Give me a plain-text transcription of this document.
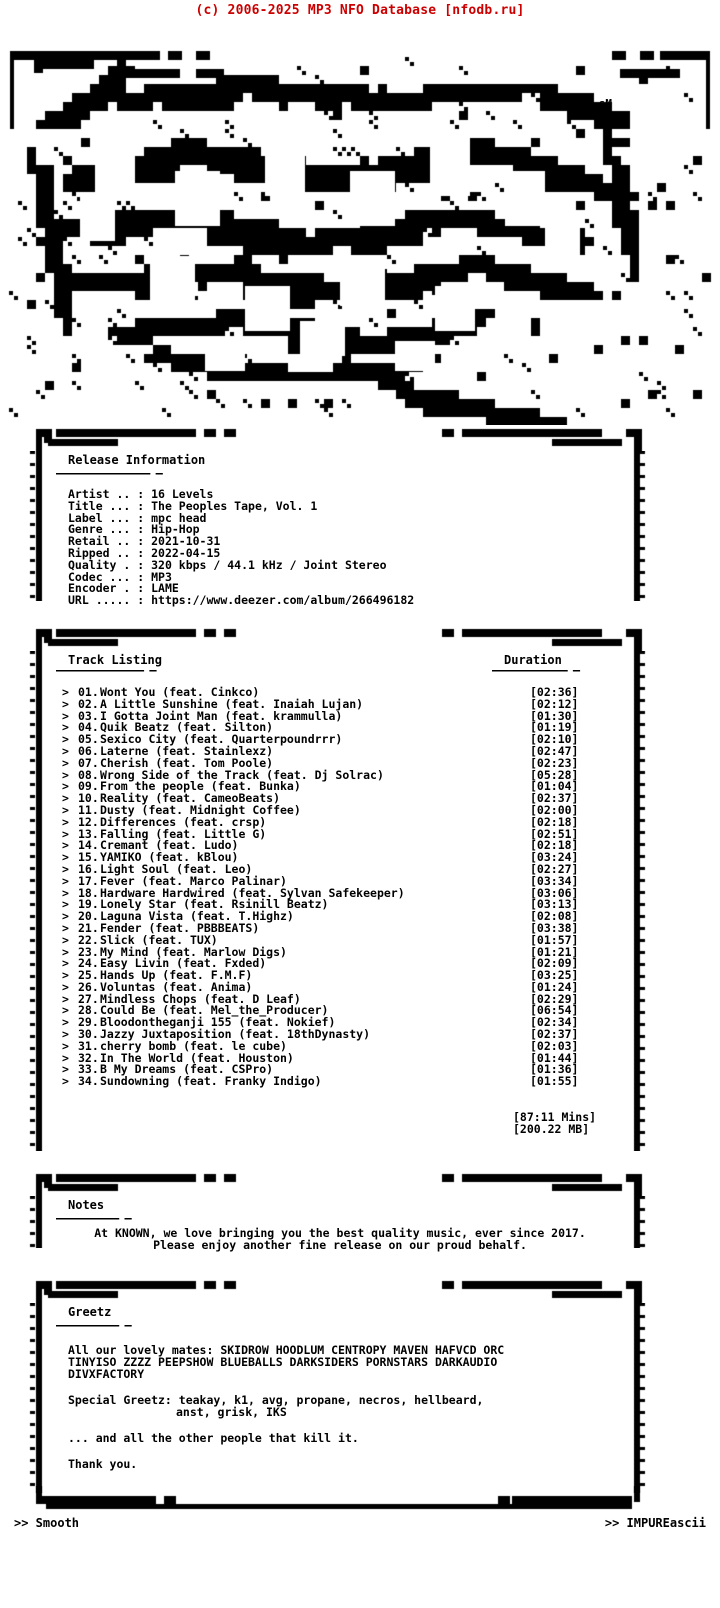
(c) 2006-2025 MP3 NFO Database [nfodb.ru]
sM
Release Information
——————————————— —
Artist .. : 16 Levels
Title ... : The Peoples Tape, Vol. 1
Label ... : mpc head
Genre ... : Hip-Hop
Retail .. : 2021-10-31
Ripped .. : 2022-04-15
Quality . : 320 kbps / 44.1 kHz / Joint Stereo
Codec ... : MP3
Encoder . : LAME
URL ..... : https://www.deezer.com/album/266496182
Track Listing	Duration
—————————————— —	———————————— —
> 01. Wont You (feat. Cinkco)	[02:36]
> 02. A Little Sunshine (feat. Inaiah Lujan)	[02:12]
> 03. I Gotta Joint Man (feat. krammulla)	[01:30]
> 04. Quik Beatz (feat. Silton)	[01:19]
> 05. Sexico City (feat. Quarterpoundrrr)	[02:10]
> 06. Laterne (feat. Stainlexz)	[02:47]
> 07. Cherish (feat. Tom Poole)	[02:23]
> 08. Wrong Side of the Track (feat. Dj Solrac)	[05:28]
> 09. From the people (feat. Bunka)	[01:04]
> 10. Reality (feat. CameoBeats)	[02:37]
> 11. Dusty (feat. Midnight Coffee)	[02:00]
> 12. Differences (feat. crsp)	[02:18]
> 13. Falling (feat. Little G)	[02:51]
> 14. Cremant (feat. Ludo)	[02:18]
> 15. YAMIKO (feat. kBlou)	[03:24]
> 16. Light Soul (feat. Leo)	[02:27]
> 17. Fever (feat. Marco Palinar)	[03:34]
> 18. Hardware Hardwired (feat. Sylvan Safekeeper)	[03:06]
> 19. Lonely Star (feat. Rsinill Beatz)	[03:13]
> 20. Laguna Vista (feat. T.Highz)	[02:08]
> 21. Fender (feat. PBBBEATS)	[03:38]
> 22. Slick (feat. TUX)	[01:57]
> 23. My Mind (feat. Marlow Digs)	[01:21]
> 24. Easy Livin (feat. Fxded)	[02:09]
> 25. Hands Up (feat. F.M.F)	[03:25]
> 26. Voluntas (feat. Anima)	[01:24]
> 27. Mindless Chops (feat. D Leaf)	[02:29]
> 28. Could Be (feat. Mel_the_Producer)	[06:54]
> 29. Bloodontheganji 155 (feat. Nokief)	[02:34]
> 30. Jazzy Juxtaposition (feat. 18thDynasty)	[02:37]
> 31. cherry bomb (feat. le cube)	[02:03]
> 32. In The World (feat. Houston)	[01:44]
> 33. B My Dreams (feat. CSPro)	[01:36]
> 34. Sundowning (feat. Franky Indigo)	[01:55]
[87:11 Mins]
[200.22 MB]
Notes
—————————— —
At KNOWN, we love bringing you the best quality music, ever since 2017.
Please enjoy another fine release on our proud behalf.
Greetz
—————————— —
All our lovely mates: SKIDROW HOODLUM CENTROPY MAVEN HAFVCD ORC
TINYISO ZZZZ PEEPSHOW BLUEBALLS DARKSIDERS PORNSTARS DARKAUDIO
DIVXFACTORY
Special Greetz: teakay, k1, avg, propane, necros, hellbeard,
anst, grisk, IKS
... and all the other people that kill it.
Thank you.
>> Smooth	>> IMPUREascii
